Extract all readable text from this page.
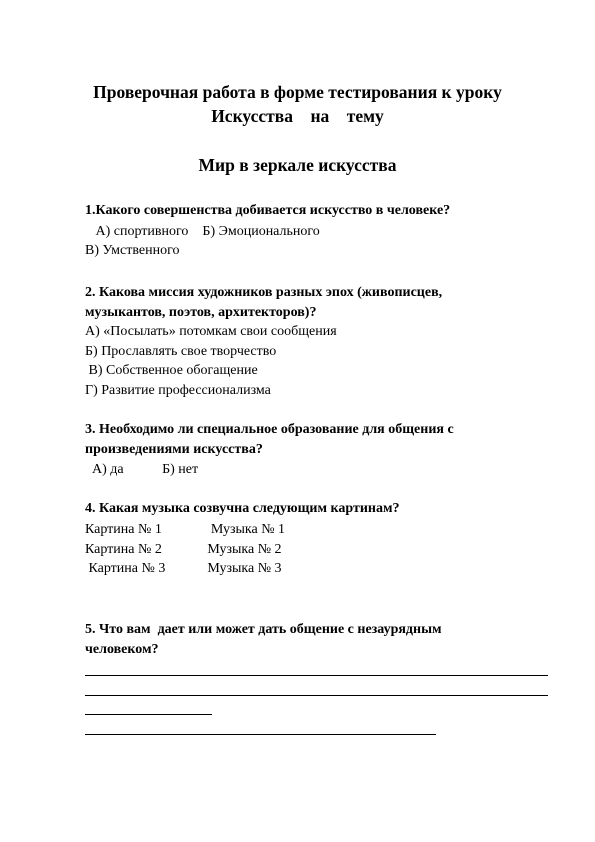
Проверочная работа в форме тестирования к уроку
Искусства    на    тему
Мир в зеркале искусства

1.Какого совершенства добивается искусство в человеке?

А) спортивного    Б) Эмоционального

В) Умственного

2. Какова миссия художников разных эпох (живописцев,

музыкантов, поэтов, архитекторов)?

А) «Посылать» потомкам свои сообщения

Б) Прославлять свое творчество

В) Собственное обогащение

Г) Развитие профессионализма

3. Необходимо ли специальное образование для общения с

произведениями искусства?

А) да           Б) нет

4. Какая музыка созвучна следующим картинам?

Картина № 1              Музыка № 1

Картина № 2             Музыка № 2

Картина № 3            Музыка № 3

5. Что вам  дает или может дать общение с незаурядным

человеком?
